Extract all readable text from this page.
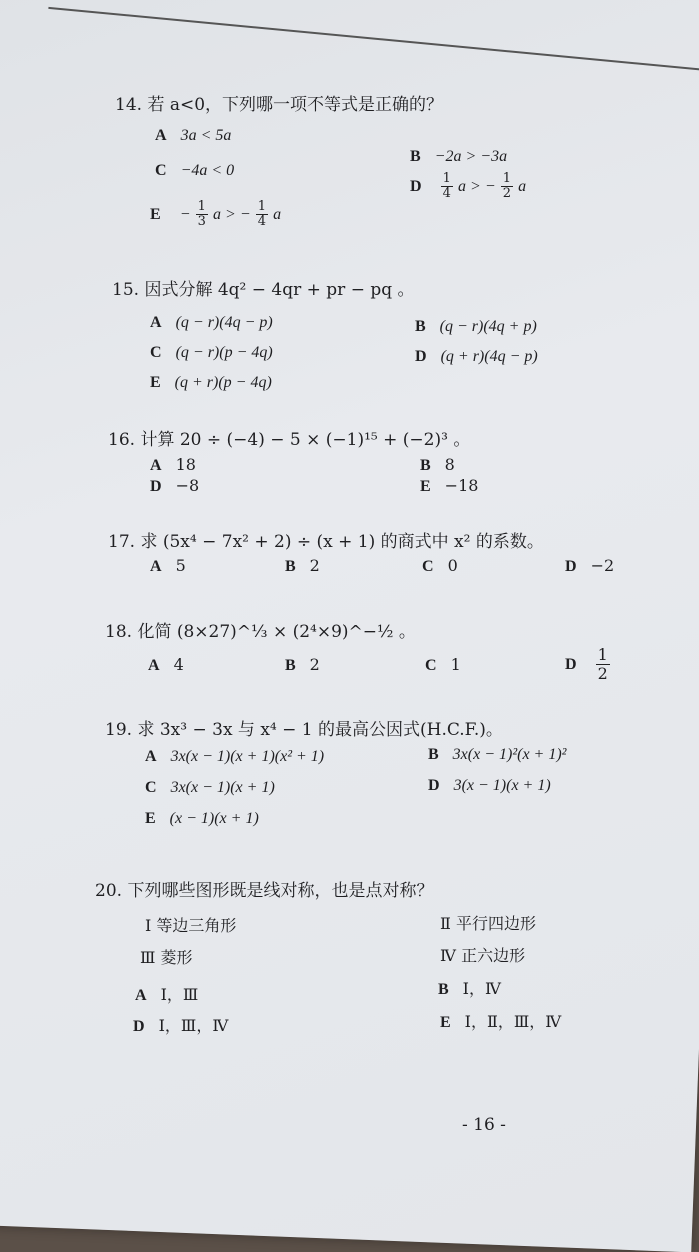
14. 若 a<0，下列哪一项不等式是正确的？
A 3a < 5a
B −2a > −3a
C −4a < 0
D $\frac{1}{4}$ a > − $\frac{1}{2}$ a
$E - \frac{1}{3}$ a > − $\frac{1}{4}$ a
15. 因式分解 4q² − 4qr + pr − pq 。
A (q − r)(4q − p)	B (q − r)(4q + p)
C (q − r)(p − 4q)	D (q + r)(4q − p)
E (q + r)(p − 4q)
16. 计算 20 ÷ (−4) − 5 × (−1)¹⁵ + (−2)³ 。
A 18	B 8
D −8	E −18
17. 求 (5x⁴ − 7x² + 2) ÷ (x + 1) 的商式中 x² 的系数。
A 5	B 2	C 0	D −2
18. 化简 (8×27)^⅓ × (2⁴×9)^−½ 。
A 4	B 2	C 1	D $\frac{1}{2}$
19. 求 3x³ − 3x 与 x⁴ − 1 的最高公因式(H.C.F.)。
A 3x(x − 1)(x + 1)(x² + 1)	B 3x(x − 1)²(x + 1)²
C 3x(x − 1)(x + 1)	D 3(x − 1)(x + 1)
E (x − 1)(x + 1)
20. 下列哪些图形既是线对称，也是点对称？
Ⅰ 等边三角形	Ⅱ 平行四边形
Ⅲ 菱形	Ⅳ 正六边形
A Ⅰ，Ⅲ	B Ⅰ，Ⅳ
D Ⅰ，Ⅲ，Ⅳ	E Ⅰ，Ⅱ，Ⅲ，Ⅳ
- 16 -
